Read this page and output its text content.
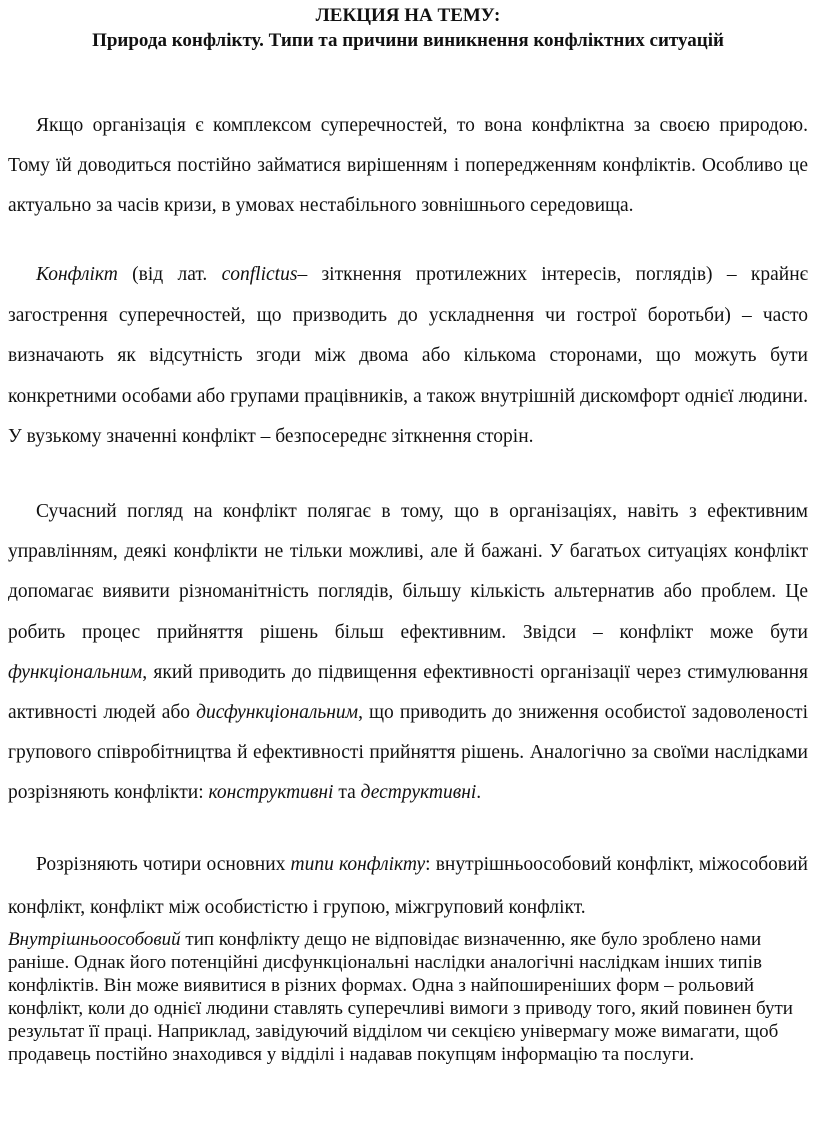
ЛЕКЦИЯ НА ТЕМУ:
Природа конфлікту. Типи та причини виникнення конфліктних ситуацій

Якщо організація є комплексом суперечностей, то вона конфліктна за своєю природою. Тому їй доводиться постійно займатися вирішенням і попередженням конфліктів. Особливо це актуально за часів кризи, в умовах нестабільного зовнішнього середовища.

Конфлікт (від лат. conflictus– зіткнення протилежних інтересів, поглядів) – крайнє загострення суперечностей, що призводить до ускладнення чи гострої боротьби) – часто визначають як відсутність згоди між двома або кількома сторонами, що можуть бути конкретними особами або групами працівників, а також внутрішній дискомфорт однієї людини. У вузькому значенні конфлікт – безпосереднє зіткнення сторін.

Сучасний погляд на конфлікт полягає в тому, що в організаціях, навіть з ефективним управлінням, деякі конфлікти не тільки можливі, але й бажані. У багатьох ситуаціях конфлікт допомагає виявити різноманітність поглядів, більшу кількість альтернатив або проблем. Це робить процес прийняття рішень більш ефективним. Звідси – конфлікт може бути функціональним, який приводить до підвищення ефективності організації через стимулювання активності людей або дисфункціональним, що приводить до зниження особистої задоволеності групового співробітництва й ефективності прийняття рішень. Аналогічно за своїми наслідками розрізняють конфлікти: конструктивні та деструктивні.

Розрізняють чотири основних типи конфлікту: внутрішньоособовий конфлікт, міжособовий конфлікт, конфлікт між особистістю і групою, міжгруповий конфлікт.

Внутрішньоособовий тип конфлікту дещо не відповідає визначенню, яке було зроблено нами раніше. Однак його потенційні дисфункціональні наслідки аналогічні наслідкам інших типів конфліктів. Він може виявитися в різних формах. Одна з найпоширеніших форм – рольовий конфлікт, коли до однієї людини ставлять суперечливі вимоги з приводу того, який повинен бути результат її праці. Наприклад, завідуючий відділом чи секцією універмагу може вимагати, щоб продавець постійно знаходився у відділі і надавав покупцям інформацію та послуги.
